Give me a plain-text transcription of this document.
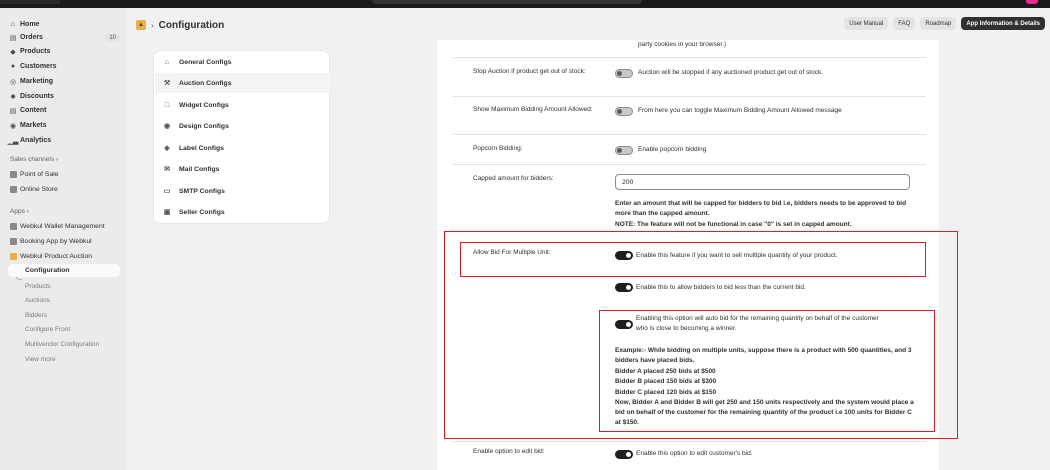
⌂ Home
▤ Orders	10
◆ Products
● Customers
◎ Marketing
✹ Discounts
▤ Content
◉ Markets
▁▃ Analytics
Sales channels ›
Point of Sale
Online Store
Apps ›
Webkul Wallet Management
Booking App by Webkul
Webkul Product Auction
Configuration
Products
Auctions
Bidders
Configure Front
Multivendor Configuration
View more
▲ › Configuration	User Manual	FAQ	Roadmap	App Information & Details
⌂	General Configs
⚒	Auction Configs
□	Widget Configs
◉	Design Configs
◈	Label Configs
✉	Mail Configs
▭	SMTP Configs
▣	Seller Configs
party cookies in your browser.)
Stop Auction if product get out of stock:	Auction will be stopped if any auctioned product get out of stock.
Show Maximum Bidding Amount Allowed:	From here you can toggle Maximum Bidding Amount Allowed message
Popcorn Bidding:	Enable popcorn bidding
Capped amount for bidders:	200
Enter an amount that will be capped for bidders to bid i.e, bidders needs to be approved to bid more than the capped amount.
NOTE: The feature will not be functional in case "0" is set in capped amount.
Allow Bid For Multiple Unit:	Enable this feature if you want to sell multiple quantity of your product.
Enable this to allow bidders to bid less than the current bid.
Enabling this option will auto bid for the remaining quantity on behalf of the customer who is close to becoming a winner.
Example:- While bidding on multiple units, suppose there is a product with 500 quantities, and 3 bidders have placed bids.
Bidder A placed 250 bids at $500
Bidder B placed 150 bids at $300
Bidder C placed 120 bids at $150
Now, Bidder A and Bidder B will get 250 and 150 units respectively and the system would place a bid on behalf of the customer for the remaining quantity of the product i.e 100 units for Bidder C at $150.
Enable option to edit bid:	Enable this option to edit customer's bid.
